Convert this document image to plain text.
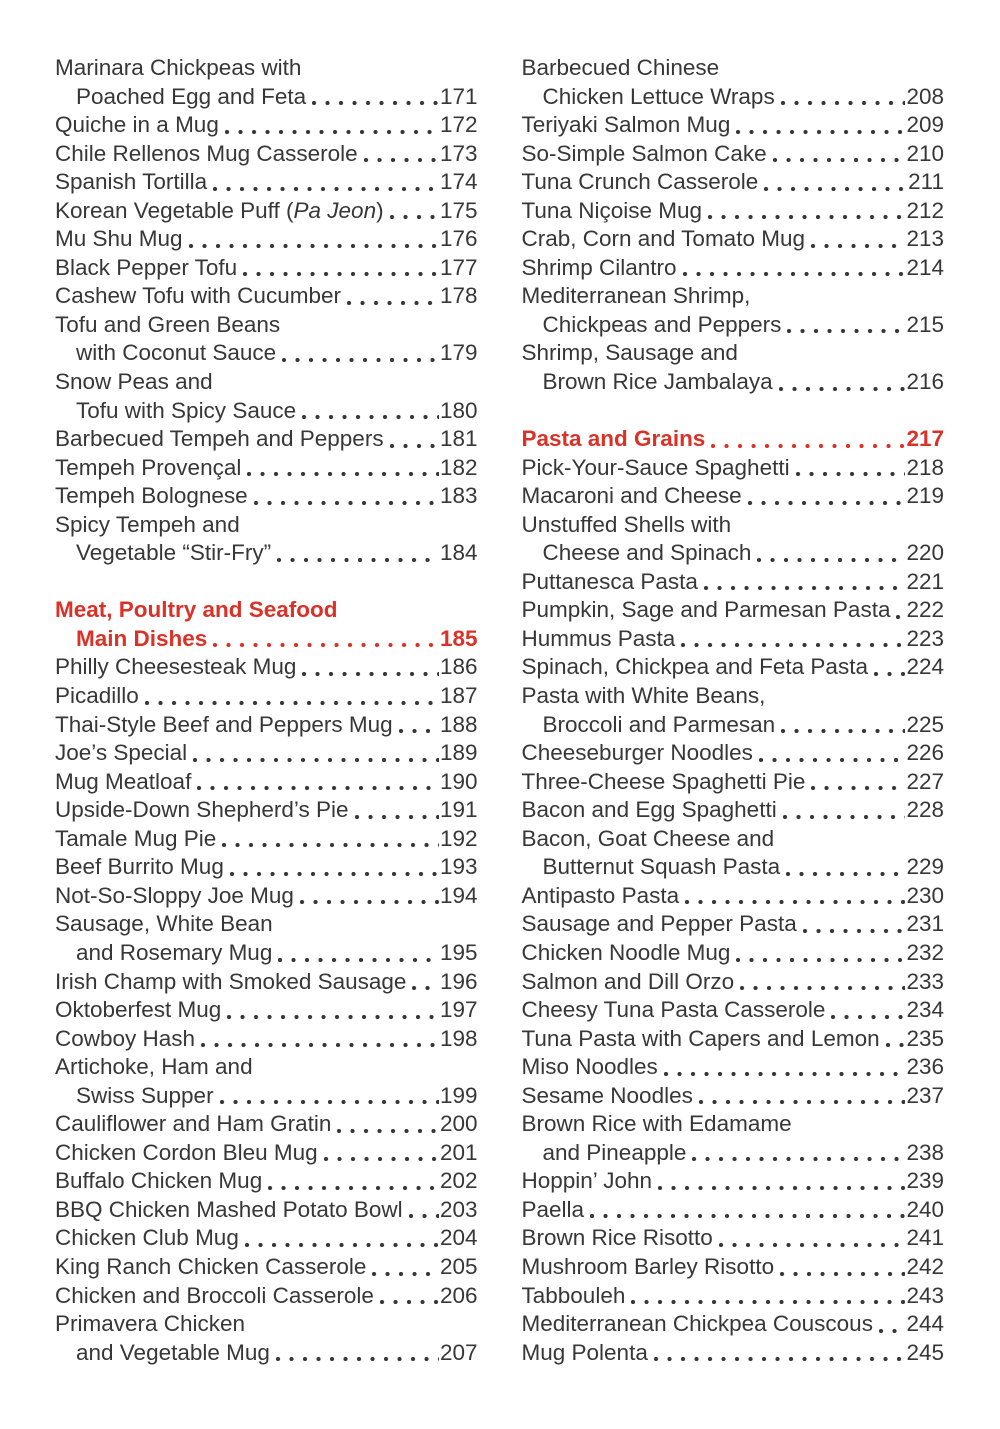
Marinara Chickpeas with
Poached Egg and Feta	171
Quiche in a Mug	172
Chile Rellenos Mug Casserole	173
Spanish Tortilla	174
Korean Vegetable Puff (Pa Jeon)	175
Mu Shu Mug	176
Black Pepper Tofu	177
Cashew Tofu with Cucumber	178
Tofu and Green Beans
with Coconut Sauce	179
Snow Peas and
Tofu with Spicy Sauce	180
Barbecued Tempeh and Peppers	181
Tempeh Provençal	182
Tempeh Bolognese	183
Spicy Tempeh and
Vegetable “Stir-Fry”	184
Meat, Poultry and Seafood
Main Dishes	185
Philly Cheesesteak Mug	186
Picadillo	187
Thai-Style Beef and Peppers Mug 188
Joe’s Special	189
Mug Meatloaf	190
Upside-Down Shepherd’s Pie	191
Tamale Mug Pie	192
Beef Burrito Mug	193
Not-So-Sloppy Joe Mug	194
Sausage, White Bean
and Rosemary Mug	195
Irish Champ with Smoked Sausage 196
Oktoberfest Mug	197
Cowboy Hash	198
Artichoke, Ham and
Swiss Supper	199
Cauliflower and Ham Gratin	200
Chicken Cordon Bleu Mug	201
Buffalo Chicken Mug	202
BBQ Chicken Mashed Potato Bowl 203
Chicken Club Mug	204
King Ranch Chicken Casserole	205
Chicken and Broccoli Casserole	206
Primavera Chicken
and Vegetable Mug	207
Barbecued Chinese
Chicken Lettuce Wraps	208
Teriyaki Salmon Mug	209
So-Simple Salmon Cake	210
Tuna Crunch Casserole	211
Tuna Niçoise Mug	212
Crab, Corn and Tomato Mug	213
Shrimp Cilantro	214
Mediterranean Shrimp,
Chickpeas and Peppers	215
Shrimp, Sausage and
Brown Rice Jambalaya	216
Pasta and Grains	217
Pick-Your-Sauce Spaghetti	218
Macaroni and Cheese	219
Unstuffed Shells with
Cheese and Spinach	220
Puttanesca Pasta	221
Pumpkin, Sage and Parmesan Pasta 222
Hummus Pasta	223
Spinach, Chickpea and Feta Pasta 224
Pasta with White Beans,
Broccoli and Parmesan	225
Cheeseburger Noodles	226
Three-Cheese Spaghetti Pie	227
Bacon and Egg Spaghetti	228
Bacon, Goat Cheese and
Butternut Squash Pasta	229
Antipasto Pasta	230
Sausage and Pepper Pasta	231
Chicken Noodle Mug	232
Salmon and Dill Orzo	233
Cheesy Tuna Pasta Casserole	234
Tuna Pasta with Capers and Lemon 235
Miso Noodles	236
Sesame Noodles	237
Brown Rice with Edamame
and Pineapple	238
Hoppin’ John	239
Paella	240
Brown Rice Risotto	241
Mushroom Barley Risotto	242
Tabbouleh	243
Mediterranean Chickpea Couscous 244
Mug Polenta	245
